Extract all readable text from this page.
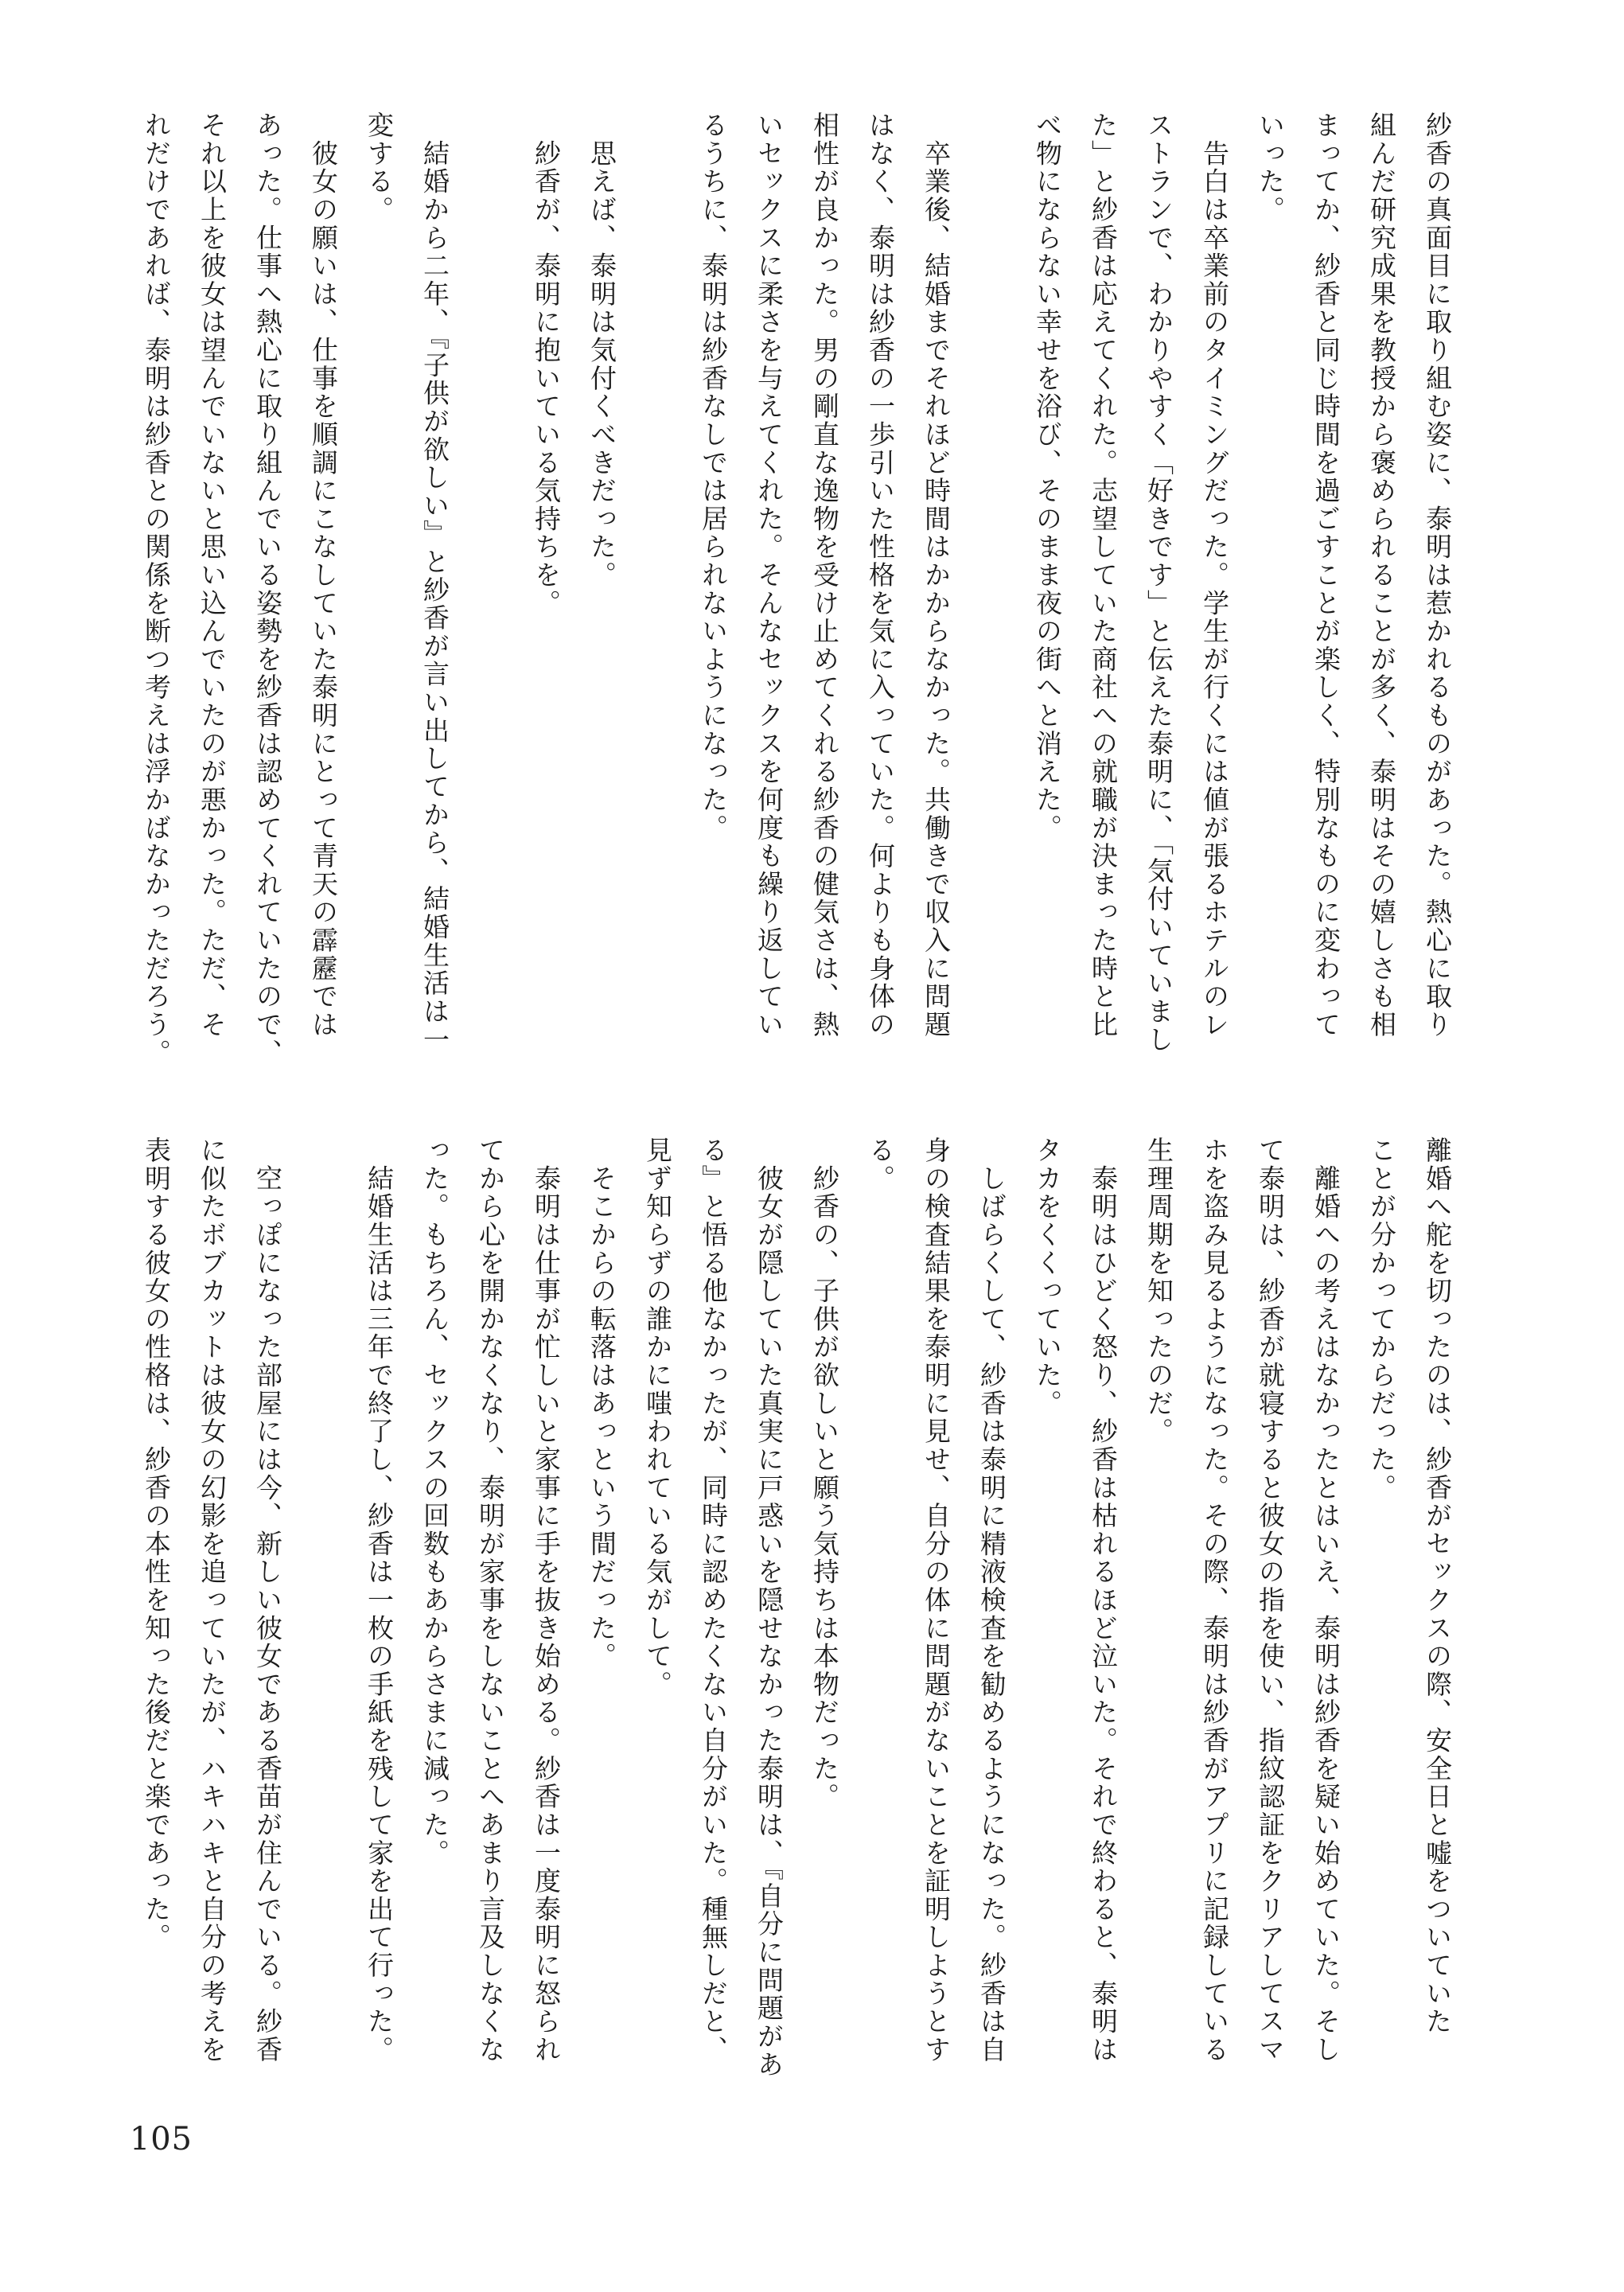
紗香の真面目に取り組む姿に、泰明は惹かれるものがあった。熱心に取り
組んだ研究成果を教授から褒められることが多く、泰明はその嬉しさも相
まってか、紗香と同じ時間を過ごすことが楽しく、特別なものに変わって
いった。
　告白は卒業前のタイミングだった。学生が行くには値が張るホテルのレ
ストランで、わかりやすく「好きです」と伝えた泰明に、「気付いていまし
た」と紗香は応えてくれた。志望していた商社への就職が決まった時と比
べ物にならない幸せを浴び、そのまま夜の街へと消えた。

　卒業後、結婚までそれほど時間はかからなかった。共働きで収入に問題
はなく、泰明は紗香の一歩引いた性格を気に入っていた。何よりも身体の
相性が良かった。男の剛直な逸物を受け止めてくれる紗香の健気さは、熱
いセックスに柔さを与えてくれた。そんなセックスを何度も繰り返してい
るうちに、泰明は紗香なしでは居られないようになった。

　思えば、泰明は気付くべきだった。
　紗香が、泰明に抱いている気持ちを。

　結婚から二年、『子供が欲しい』と紗香が言い出してから、結婚生活は一
変する。
　彼女の願いは、仕事を順調にこなしていた泰明にとって青天の霹靂では
あった。仕事へ熱心に取り組んでいる姿勢を紗香は認めてくれていたので、
それ以上を彼女は望んでいないと思い込んでいたのが悪かった。ただ、そ
れだけであれば、泰明は紗香との関係を断つ考えは浮かばなかっただろう。
離婚へ舵を切ったのは、紗香がセックスの際、安全日と嘘をついていた
ことが分かってからだった。
　離婚への考えはなかったとはいえ、泰明は紗香を疑い始めていた。そし
て泰明は、紗香が就寝すると彼女の指を使い、指紋認証をクリアしてスマ
ホを盗み見るようになった。その際、泰明は紗香がアプリに記録している
生理周期を知ったのだ。
　泰明はひどく怒り、紗香は枯れるほど泣いた。それで終わると、泰明は
タカをくくっていた。
　しばらくして、紗香は泰明に精液検査を勧めるようになった。紗香は自
身の検査結果を泰明に見せ、自分の体に問題がないことを証明しようとす
る。
　紗香の、子供が欲しいと願う気持ちは本物だった。
　彼女が隠していた真実に戸惑いを隠せなかった泰明は、『自分に問題があ
る』と悟る他なかったが、同時に認めたくない自分がいた。種無しだと、
見ず知らずの誰かに嗤われている気がして。
　そこからの転落はあっという間だった。
　泰明は仕事が忙しいと家事に手を抜き始める。紗香は一度泰明に怒られ
てから心を開かなくなり、泰明が家事をしないことへあまり言及しなくな
った。もちろん、セックスの回数もあからさまに減った。
　結婚生活は三年で終了し、紗香は一枚の手紙を残して家を出て行った。

　空っぽになった部屋には今、新しい彼女である香苗が住んでいる。紗香
に似たボブカットは彼女の幻影を追っていたが、ハキハキと自分の考えを
表明する彼女の性格は、紗香の本性を知った後だと楽であった。
105
